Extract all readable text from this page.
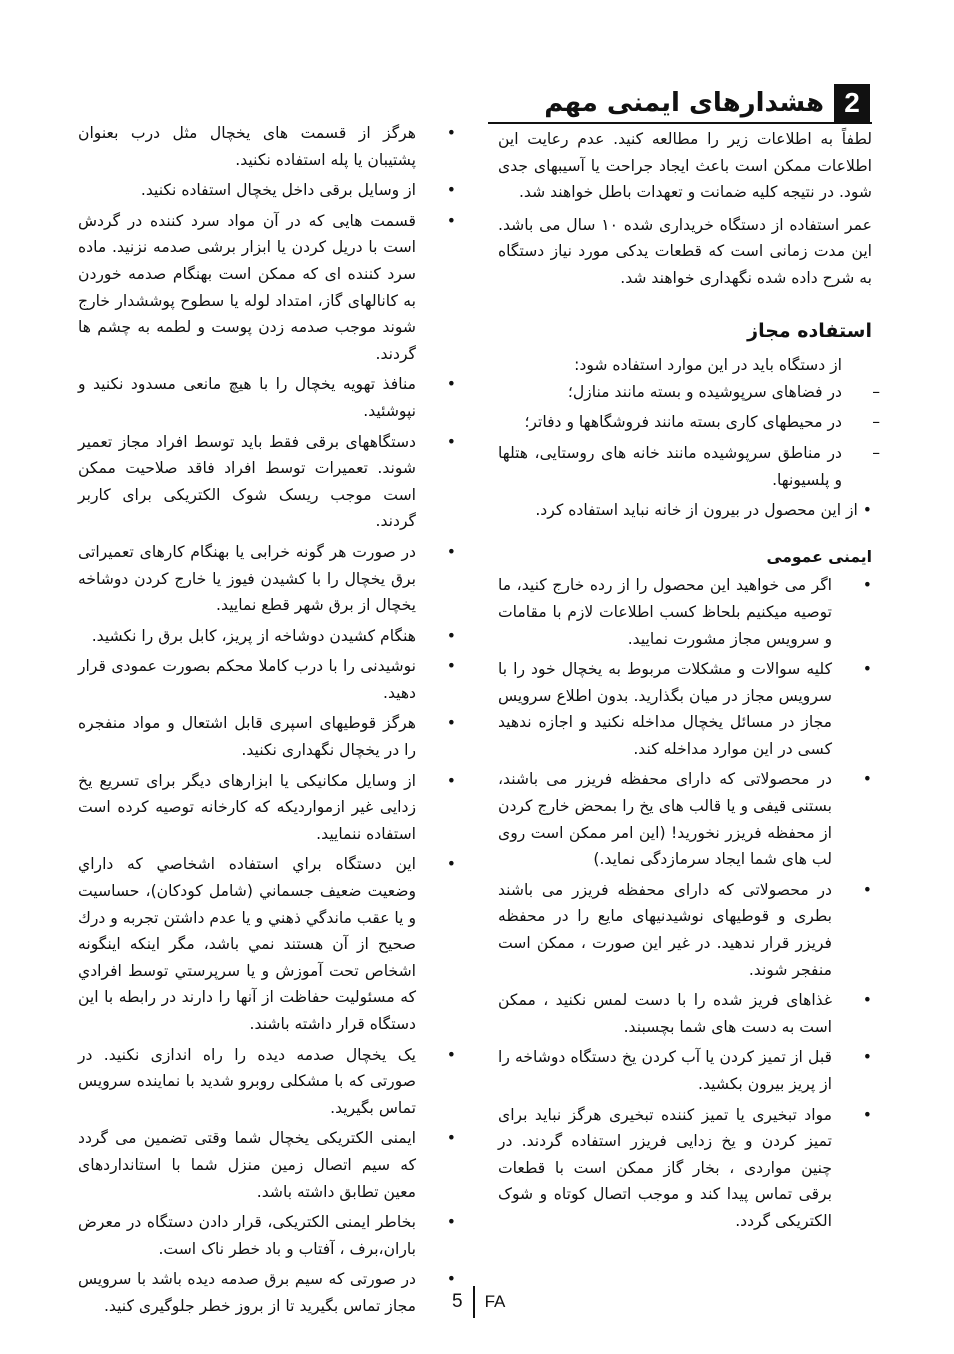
2
هشدارهای ایمنی مهم

لطفاً به اطلاعات زیر را مطالعه کنید. عدم رعایت این اطلاعات ممکن است باعث ایجاد جراحت یا آسیبهای جدی شود. در نتیجه کلیه ضمانت و تعهدات باطل خواهند شد.

عمر استفاده از دستگاه خریداری شده ۱۰ سال می باشد. این مدت زمانی است که قطعات یدکی مورد نیاز دستگاه به شرح داده شده نگهداری خواهند شد.

استفاده مجاز
از دستگاه باید در این موارد استفاده شود:
–
در فضاهای سرپوشیده و بسته مانند منازل؛
–
در محیطهای کاری بسته مانند فروشگاهها و دفاتر؛
–
در مناطق سرپوشیده مانند خانه های روستایی، هتلها و پلسیونها.
• از این محصول در بیرون از خانه نباید استفاده کرد.
ایمنی عمومی
•
اگر می خواهید این محصول را از رده خارج کنید، ما توصیه میکنیم بلحاظ کسب اطلاعات لازم با مقامات و سرویس مجاز مشورت نمایید.
•
کلیه سوالات و مشکلات مربوط به یخچال خود را با سرویس مجاز در میان بگذارید. بدون اطلاع سرویس مجاز در مسائل یخچال مداخله نکنید و اجازه ندهید کسی در این موارد مداخله کند.
•
در محصولاتی که دارای محفظه فریزر می باشند، بستنی قیفی و یا قالب های یخ را بمحض خارج کردن از محفظه فریزر نخورید! (این امر ممکن است روی لب های شما ایجاد سرمازدگی نماید.)
•
در محصولاتی که دارای محفظه فریزر می باشند بطری و قوطیهای نوشیدنیهای مایع را در محفظه فریزر قرار ندهید. در غیر این صورت ، ممکن است منفجر شوند.
•
غذاهای فریز شده را با دست لمس نکنید ، ممکن است به دست های شما بچسبند.
•
قبل از تمیز کردن یا آب کردن یخ دستگاه دوشاخه را از پریز بیرون بکشید.
•
مواد تبخیری یا تمیز کننده تبخیری هرگز نباید برای تمیز کردن و یخ زدایی فریزر استفاده گردند. در چنین مواردی ، بخار گاز ممکن است با قطعات برقی تماس پیدا کند و موجب اتصال کوتاه و شوک الکتریکی گردد.
•
هرگز از قسمت های یخچال مثل درب بعنوان پشتیبان یا پله استفاده نکنید.
•
از وسایل برقی داخل یخچال استفاده نکنید.
•
قسمت هایی که در آن مواد سرد کننده در گردش است با دریل کردن یا ابزار برشی صدمه نزنید. ماده سرد کننده ای که ممکن است بهنگام صدمه خوردن به کانالهای گاز، امتداد لوله یا سطوح پوششدار خارج شوند موجب صدمه زدن پوست و لطمه به چشم ها گردند.
•
منافذ تهویه یخچال را با هیچ مانعی مسدود نکنید و نپوشئید.
•
دستگاههای برقی فقط باید توسط افراد مجاز تعمیر شوند. تعمیرات توسط افراد فاقد صلاحیت ممکن است موجب ریسک شوک الکتریکی برای کاربر گردند.
•
در صورت هر گونه خرابی یا بهنگام کارهای تعمیراتی برق یخچال را با کشیدن فیوز یا خارج کردن دوشاخه یخچال از برق شهر قطع نمایید.
•
هنگام کشیدن دوشاخه از پریز، کابل برق را نکشید.
•
نوشیدنی را با درب کاملا محکم بصورت عمودی قرار دهید.
•
هرگز قوطیهای اسپری قابل اشتعال و مواد منفجره را در یخچال نگهداری نکنید.
•
از وسایل مکانیکی یا ابزارهای دیگر برای تسریع یخ زدایی غیر ازمواردیکه که کارخانه توصیه کرده است استفاده ننمایید.
•
این دستگاه براي استفاده اشخاصي که داراي وضعیت ضعیف جسماني (شامل کودکان)، حساسیت و یا عقب ماندگي ذهني و یا عدم داشتن تجربه و درك صحیح از آن هستند نمي باشد، مگر اینکه اینگونه اشخاص تحت آموزش و یا سرپرستي توسط افرادي که مسئولیت حفاظت از آنها را دارند در رابطه با این دستگاه قرار داشته باشند.
•
یک یخچال صدمه دیده را راه اندازی نکنید. در صورتی که با مشکلی روبرو شدید با نماینده سرویس تماس بگیرید.
•
ایمنی الکتریکی یخچال شما وقتی تضمین می گردد که سیم اتصال زمین منزل شما با استانداردهای معین تطابق داشته باشد.
•
بخاطر ایمنی الکتریکی، قرار دادن دستگاه در معرض باران،برف ، آفتاب و باد خطر ناک است.
•
در صورتی که سیم برق صدمه دیده باشد با سرویس مجاز تماس بگیرید تا از بروز خطر جلوگیری کنید.	5 FA
